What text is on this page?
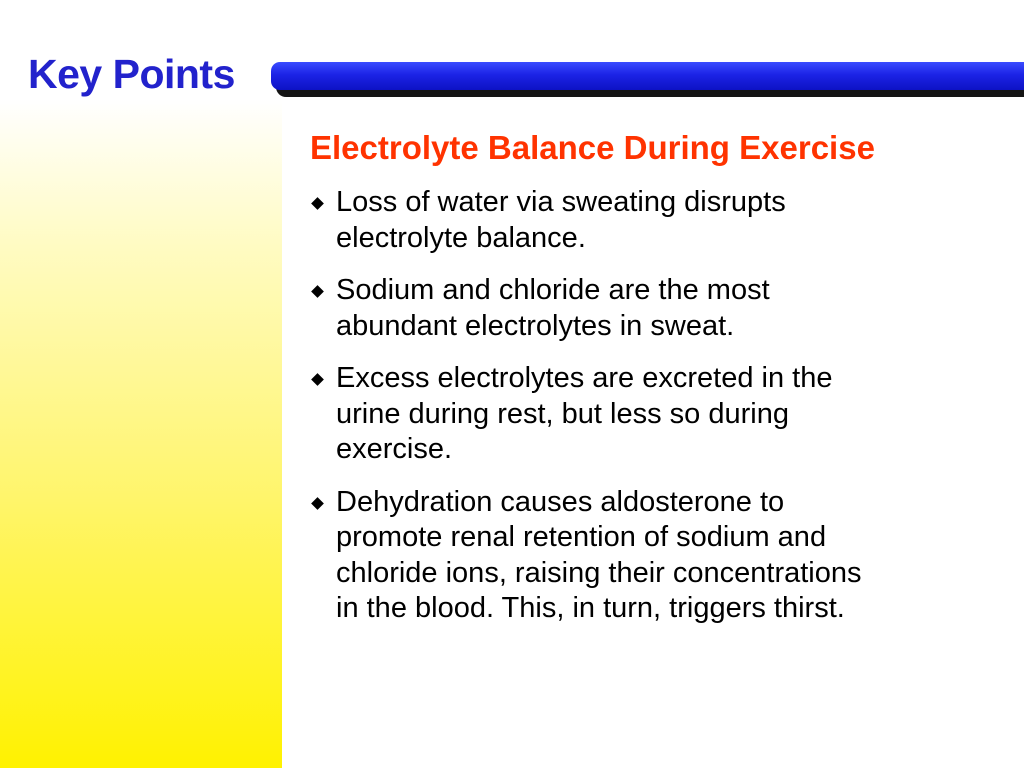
Key Points
Electrolyte Balance During Exercise
Loss of water via sweating disrupts
electrolyte balance.
Sodium and chloride are the most
abundant electrolytes in sweat.
Excess electrolytes are excreted in the
urine during rest, but less so during
exercise.
Dehydration causes aldosterone to
promote renal retention of sodium and
chloride ions, raising their concentrations
in the blood. This, in turn, triggers thirst.
